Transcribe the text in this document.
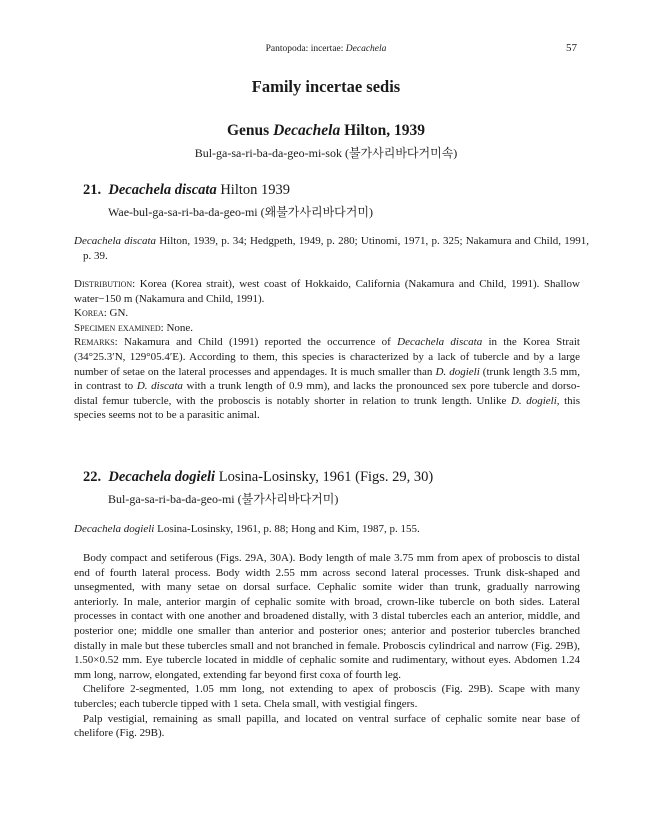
Pantopoda: incertae: Decachela	57
Family incertae sedis
Genus Decachela Hilton, 1939
Bul-ga-sa-ri-ba-da-geo-mi-sok (불가사리바다거미속)
21. Decachela discata Hilton 1939
Wae-bul-ga-sa-ri-ba-da-geo-mi (왜불가사리바다거미)
Decachela discata Hilton, 1939, p. 34; Hedgpeth, 1949, p. 280; Utinomi, 1971, p. 325; Nakamura and Child, 1991, p. 39.

Distribution: Korea (Korea strait), west coast of Hokkaido, California (Nakamura and Child, 1991). Shallow water−150 m (Nakamura and Child, 1991).

Korea: GN.

Specimen examined: None.

Remarks: Nakamura and Child (1991) reported the occurrence of Decachela discata in the Korea Strait (34°25.3′N, 129°05.4′E). According to them, this species is characterized by a lack of tubercle and by a large number of setae on the lateral processes and appendages. It is much smaller than D. dogieli (trunk length 3.5 mm, in contrast to D. discata with a trunk length of 0.9 mm), and lacks the pronounced sex pore tubercle and dorso-distal femur tubercle, with the proboscis is notably shorter in relation to trunk length. Unlike D. dogieli, this species seems not to be a parasitic animal.

22. Decachela dogieli Losina-Losinsky, 1961 (Figs. 29, 30)
Bul-ga-sa-ri-ba-da-geo-mi (불가사리바다거미)
Decachela dogieli Losina-Losinsky, 1961, p. 88; Hong and Kim, 1987, p. 155.

Body compact and setiferous (Figs. 29A, 30A). Body length of male 3.75 mm from apex of proboscis to distal end of fourth lateral process. Body width 2.55 mm across second lateral processes. Trunk disk-shaped and unsegmented, with many setae on dorsal surface. Cephalic somite wider than trunk, gradually narrowing anteriorly. In male, anterior margin of cephalic somite with broad, crown-like tubercle on both sides. Lateral processes in contact with one another and broadened distally, with 3 distal tubercles each an anterior, middle, and posterior one; middle one smaller than anterior and posterior ones; anterior and posterior tubercles branched distally in male but these tubercles small and not branched in female. Proboscis cylindrical and narrow (Fig. 29B), 1.50×0.52 mm. Eye tubercle located in middle of cephalic somite and rudimentary, without eyes. Abdomen 1.24 mm long, narrow, elongated, extending far beyond first coxa of fourth leg.

Chelifore 2-segmented, 1.05 mm long, not extending to apex of proboscis (Fig. 29B). Scape with many tubercles; each tubercle tipped with 1 seta. Chela small, with vestigial fingers.

Palp vestigial, remaining as small papilla, and located on ventral surface of cephalic somite near base of chelifore (Fig. 29B).
